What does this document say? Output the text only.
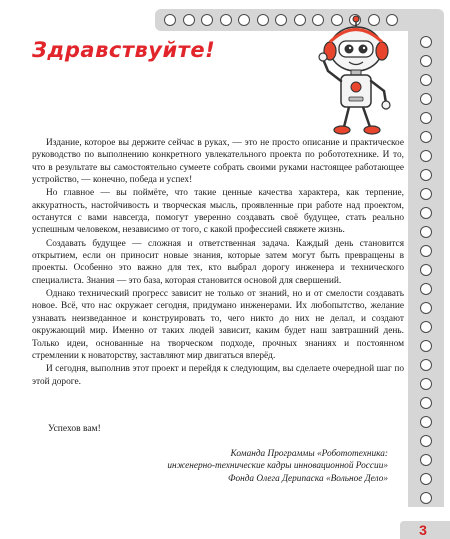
Здравствуйте!

Издание, которое вы держите сейчас в руках, — это не просто описание и практическое руководство по выполнению конкретного увлекательного проекта по робототехнике. И то, что в результате вы самостоятельно сумеете собрать своими руками настоящее работающее устройство, — конечно, победа и успех!

Но главное — вы поймёте, что такие ценные качества характера, как терпение, аккуратность, настойчивость и творческая мысль, проявленные при работе над проектом, останутся с вами навсегда, помогут уверенно создавать своё будущее, стать реально успешным человеком, независимо от того, с какой профессией свяжете жизнь.

Создавать будущее — сложная и ответственная задача. Каждый день становится открытием, если он приносит новые знания, которые затем могут быть превращены в проекты. Особенно это важно для тех, кто выбрал дорогу инженера и технического специалиста. Знания — это база, которая становится основой для свершений.

Однако технический прогресс зависит не только от знаний, но и от смелости создавать новое. Всё, что нас окружает сегодня, придумано инженерами. Их любопытство, желание узнавать неизведанное и конструировать то, чего никто до них не делал, и создают окружающий мир. Именно от таких людей зависит, каким будет наш завтрашний день. Только идеи, основанные на творческом подходе, прочных знаниях и постоянном стремлении к новаторству, заставляют мир двигаться вперёд.

И сегодня, выполнив этот проект и перейдя к следующим, вы сделаете очередной шаг по этой дороге.

Успехов вам!
Команда Программы «Робототехника:
инженерно-технические кадры инновационной России»
Фонда Олега Дерипаска «Вольное Дело»
3
